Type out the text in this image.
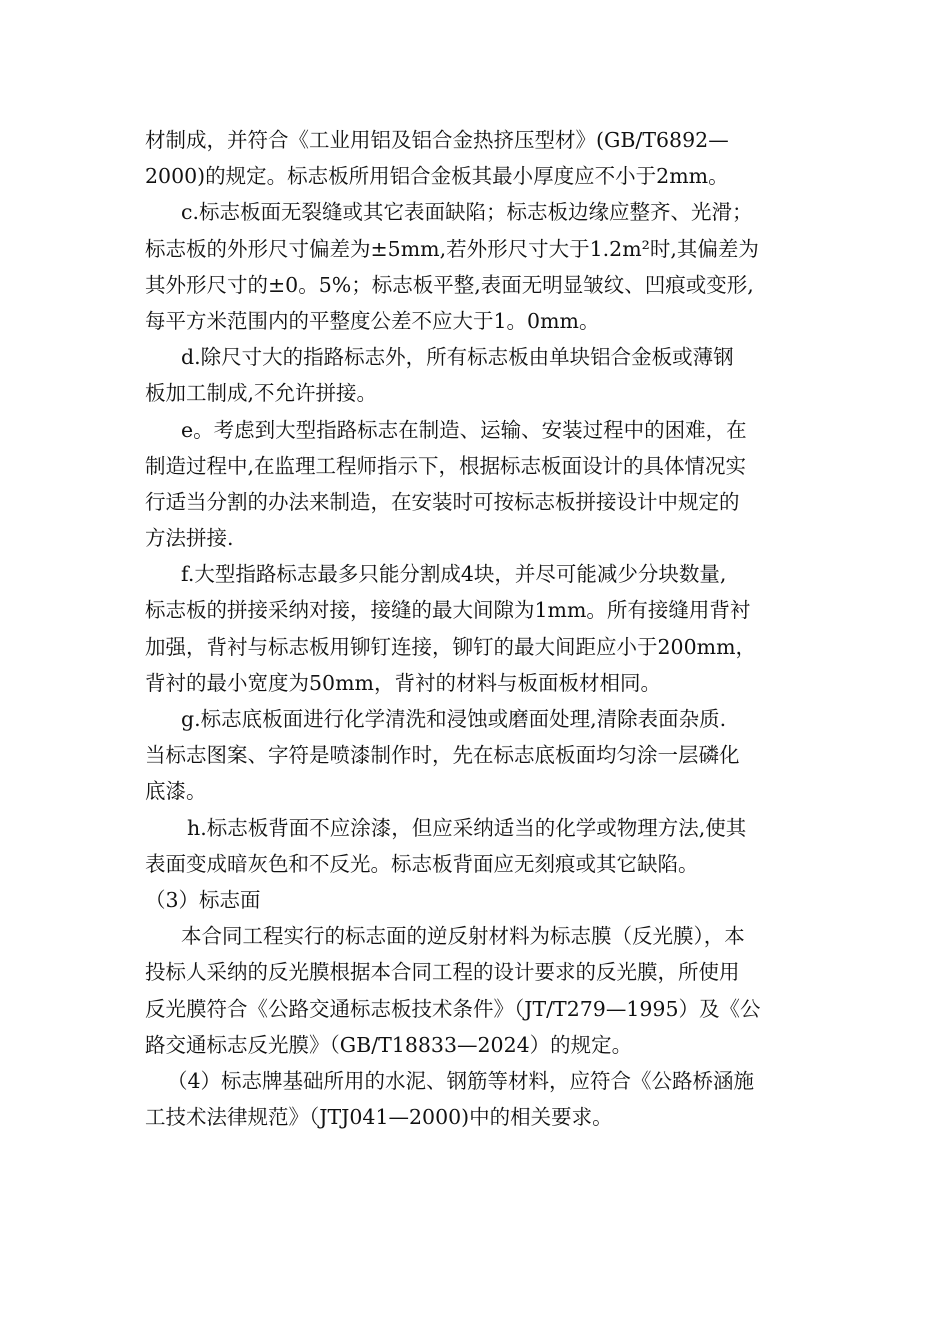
材制成，并符合《工业用铝及铝合金热挤压型材》(GB/T6892—
2000)的规定。标志板所用铝合金板其最小厚度应不小于2mm。
c.标志板面无裂缝或其它表面缺陷；标志板边缘应整齐、光滑；
标志板的外形尺寸偏差为±5mm,若外形尺寸大于1.2m²时,其偏差为
其外形尺寸的±0。5%；标志板平整,表面无明显皱纹、凹痕或变形,
每平方米范围内的平整度公差不应大于1。0mm。
d.除尺寸大的指路标志外，所有标志板由单块铝合金板或薄钢
板加工制成,不允许拼接。
e。考虑到大型指路标志在制造、运输、安装过程中的困难，在
制造过程中,在监理工程师指示下，根据标志板面设计的具体情况实
行适当分割的办法来制造，在安装时可按标志板拼接设计中规定的
方法拼接.
f.大型指路标志最多只能分割成4块，并尽可能减少分块数量,
标志板的拼接采纳对接，接缝的最大间隙为1mm。所有接缝用背衬
加强，背衬与标志板用铆钉连接，铆钉的最大间距应小于200mm，
背衬的最小宽度为50mm，背衬的材料与板面板材相同。
g.标志底板面进行化学清洗和浸蚀或磨面处理,清除表面杂质.
当标志图案、字符是喷漆制作时，先在标志底板面均匀涂一层磷化
底漆。
h.标志板背面不应涂漆，但应采纳适当的化学或物理方法,使其
表面变成暗灰色和不反光。标志板背面应无刻痕或其它缺陷。
（3）标志面
本合同工程实行的标志面的逆反射材料为标志膜（反光膜），本
投标人采纳的反光膜根据本合同工程的设计要求的反光膜，所使用
反光膜符合《公路交通标志板技术条件》（JT/T279—1995）及《公
路交通标志反光膜》（GB/T18833—2024）的规定。
（4）标志牌基础所用的水泥、钢筋等材料，应符合《公路桥涵施
工技术法律规范》（JTJ041—2000)中的相关要求。
